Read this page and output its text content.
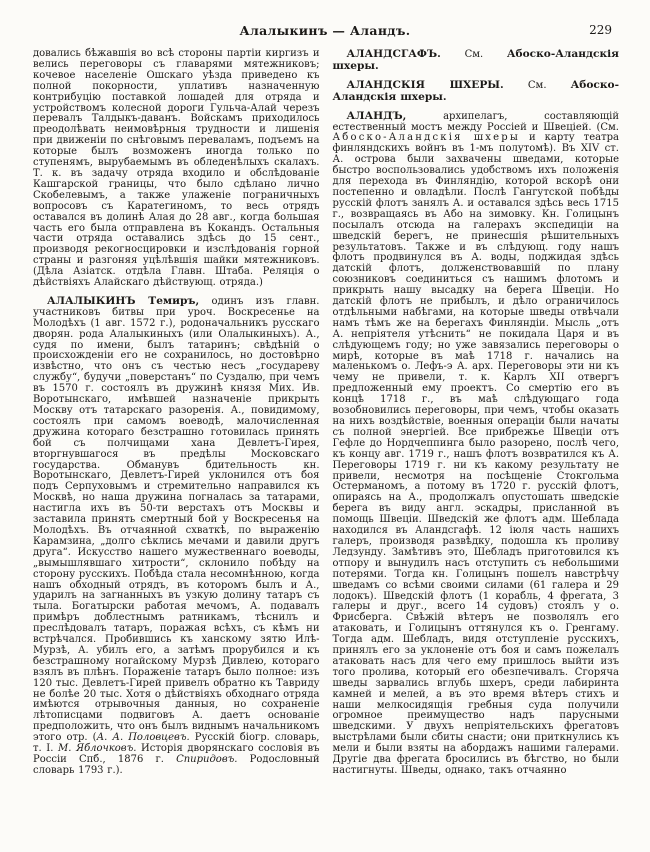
Алалыкинъ — Аландъ.	229

довались бѣжавшія во всѣ стороны партіи киргизъ и велись переговоры съ главарями мятежниковъ; кочевое населеніе Ошскаго уѣзда приведено къ полной покорности, уплативъ назначенную контрибуцію поставкой лошадей для отряда и устройствомъ колесной дороги Гульча-Алай черезъ перевалъ Талдыкъ-даванъ. Войскамъ приходилось преодолѣвать неимовѣрныя трудности и лишенія при движеніи по снѣговымъ переваламъ, подъемъ на которые былъ возможенъ иногда только по ступенямъ, вырубаемымъ въ обледенѣлыхъ скалахъ. Т. к. въ задачу отряда входило и обслѣдованіе Кашгарской границы, что было сдѣлано лично Скобелевымъ, а также улаженіе пограничныхъ вопросовъ съ Каратегиномъ, то весь отрядъ оставался въ долинѣ Алая до 28 авг., когда большая часть его была отправлена въ Кокандъ. Остальныя части отряда оставались здѣсь до 15 сент., производя рекогносцировки и изслѣдованія горной страны и разгоняя уцѣлѣвшія шайки мятежниковъ. (Дѣла Азіатск. отдѣла Главн. Штаба. Реляція о дѣйствіяхъ Алайскаго дѣйствующ. отряда.)

АЛАЛЫКИНЪ Темиръ, одинъ изъ главн. участниковъ битвы при уроч. Воскресенье на Молодѣхъ (1 авг. 1572 г.), родоначальникъ русскаго дворян. рода Алалыкиныхъ (или Олалыкиныхъ). А., судя по имени, былъ татаринъ; свѣдѣній о происхожденіи его не сохранилось, но достовѣрно извѣстно, что онъ съ честью несъ „государеву службу“, будучи „поверстанъ“ по Суздалю, при чемъ въ 1570 г. состоялъ въ дружинѣ князя Мих. Ив. Воротынскаго, имѣвшей назначеніе прикрыть Москву отъ татарскаго разоренія. А., повидимому, состоялъ при самомъ воеводѣ, малочисленная дружина котораго безстрашно готовилась принять бой съ полчищами хана Девлетъ-Гирея, вторгнувшагося въ предѣлы Московскаго государства. Обманувъ бдительность кн. Воротынскаго, Девлетъ-Гирей уклонился отъ боя подъ Серпуховымъ и стремительно направился къ Москвѣ, но наша дружина погналась за татарами, настигла ихъ въ 50-ти верстахъ отъ Москвы и заставила принять смертный бой у Воскресенья на Молодѣхъ. Въ отчаянной схваткѣ, по выраженію Карамзина, „долго сѣклись мечами и давили другъ друга“. Искусство нашего мужественнаго воеводы, „вымышлявшаго хитрости“, склонило побѣду на сторону русскихъ. Побѣда стала несомнѣнною, когда нашъ обходный отрядъ, въ которомъ былъ и А., ударилъ на загнанныхъ въ узкую долину татаръ съ тыла. Богатырски работая мечомъ, А. подавалъ примѣръ доблестнымъ ратникамъ, тѣснилъ и преслѣдовалъ татаръ, поражая всѣхъ, съ кѣмъ ни встрѣчался. Пробившись къ ханскому зятю Илѣ-Мурзѣ, А. убилъ его, а затѣмъ прорубился и къ безстрашному ногайскому Мурзѣ Дивлею, котораго взялъ въ плѣнъ. Пораженіе татаръ было полное: изъ 120 тыс. Девлетъ-Гирей привелъ обратно къ Тавриду не болѣе 20 тыс. Хотя о дѣйствіяхъ обходнаго отряда имѣются отрывочныя данныя, но сохраненіе лѣтописцами подвиговъ А. даетъ основаніе предположить, что онъ былъ виднымъ начальникомъ этого отр. (А. А. Половцевъ. Русскій біогр. словарь, т. I. М. Яблочковъ. Исторія дворянскаго сословія въ Россіи Спб., 1876 г. Спиридовъ. Родословный словарь 1793 г.).

АЛАНДСГАФЪ. См. Абоско-Аландскія шхеры.

АЛАНДСКІЯ ШХЕРЫ. См. Абоско-Аландскія шхеры.

АЛАНДЪ,	архипелагъ, составляющій естественный мостъ между Россіей и Швеціей. (См. Абоско-Аландскія шхеры и карту театра финляндскихъ войнъ въ 1-мъ полутомѣ). Въ XIV ст. А. острова были захвачены шведами, которые быстро воспользовались удобствомъ ихъ положенія для перехода въ Финляндію, которой вскорѣ они постепенно и овладѣли. Послѣ Гангутской побѣды русскій флотъ занялъ А. и оставался здѣсь весь 1715 г., возвращаясь въ Або на зимовку. Кн. Голицынъ посылалъ отсюда на галерахъ экспедиціи на шведскій берегъ, не принесшія рѣшительныхъ результатовъ. Также и въ слѣдующ. году нашъ флотъ продвинулся въ А. воды, поджидая здѣсь датскій флотъ, долженствовавшій по плану союзниковъ соединиться съ нашимъ флотомъ и прикрыть нашу высадку на берега Швеціи. Но датскій флотъ не прибылъ, и дѣло ограничилось отдѣльными набѣгами, на которые шведы отвѣчали намъ тѣмъ же на берегахъ Финляндіи. Мысль „отъ А. непріятеля утѣснить“ не покидала Царя и въ слѣдующемъ году; но уже завязались переговоры о мирѣ, которые въ маѣ 1718 г. начались на маленькомъ о. Лефъ-э А. арх. Переговоры эти ни къ чему не привели, т. к. Карлъ XII отвергъ предложенный ему проектъ. Со смертію его въ концѣ 1718 г., въ маѣ слѣдующаго года возобновились переговоры, при чемъ, чтобы оказать на нихъ воздѣйствіе, военныя операціи были начаты съ полной энергіей. Все прибрежье Швеціи отъ Гефле до Нордчеппинга было разорено, послѣ чего, къ концу авг. 1719 г., нашъ флотъ возвратился къ А. Переговоры 1719 г. ни къ какому результату не привели, несмотря на посѣщеніе Стокгольма Остерманомъ, а потому въ 1720 г. русскій флотъ, опираясь на А., продолжалъ опустошать шведскіе берега въ виду англ. эскадры, присланной въ помощь Швеціи. Шведскій же флотъ адм. Шеблада находился въ Аландсгафѣ. 12 іюля часть нашихъ галеръ, производя развѣдку, подошла къ проливу Ледзунду. Замѣтивъ это, Шебладъ приготовился къ отпору и вынудилъ насъ отступить съ небольшими потерями. Тогда кн. Голицынъ пошелъ навстрѣчу шведамъ со всѣми своими силами (61 галера и 29 лодокъ). Шведскій флотъ (1 корабль, 4 фрегата, 3 галеры и друг., всего 14 судовъ) стоялъ у о. Фрисберга. Свѣжій вѣтеръ не позволялъ его атаковать, и Голицынъ оттянулся къ о. Гренгаму. Тогда адм. Шебладъ, видя отступленіе русскихъ, принялъ его за уклоненіе отъ боя и самъ пожелалъ атаковать насъ для чего ему пришлось выйти изъ того пролива, который его обезпечивалъ. Сгоряча шведы зарвались вглубь шхеръ, среди лабиринта камней и мелей, а въ это время вѣтеръ стихъ и наши мелкосидящія гребныя суда получили огромное преимущество надъ парусными шведскими. У двухъ непріятельскихъ фрегатовъ выстрѣлами были сбиты снасти; они приткнулись къ мели и были взяты на абордажъ нашими галерами. Другіе два фрегата бросились въ бѣгство, но были настигнуты. Шведы, однако, такъ отчаянно
